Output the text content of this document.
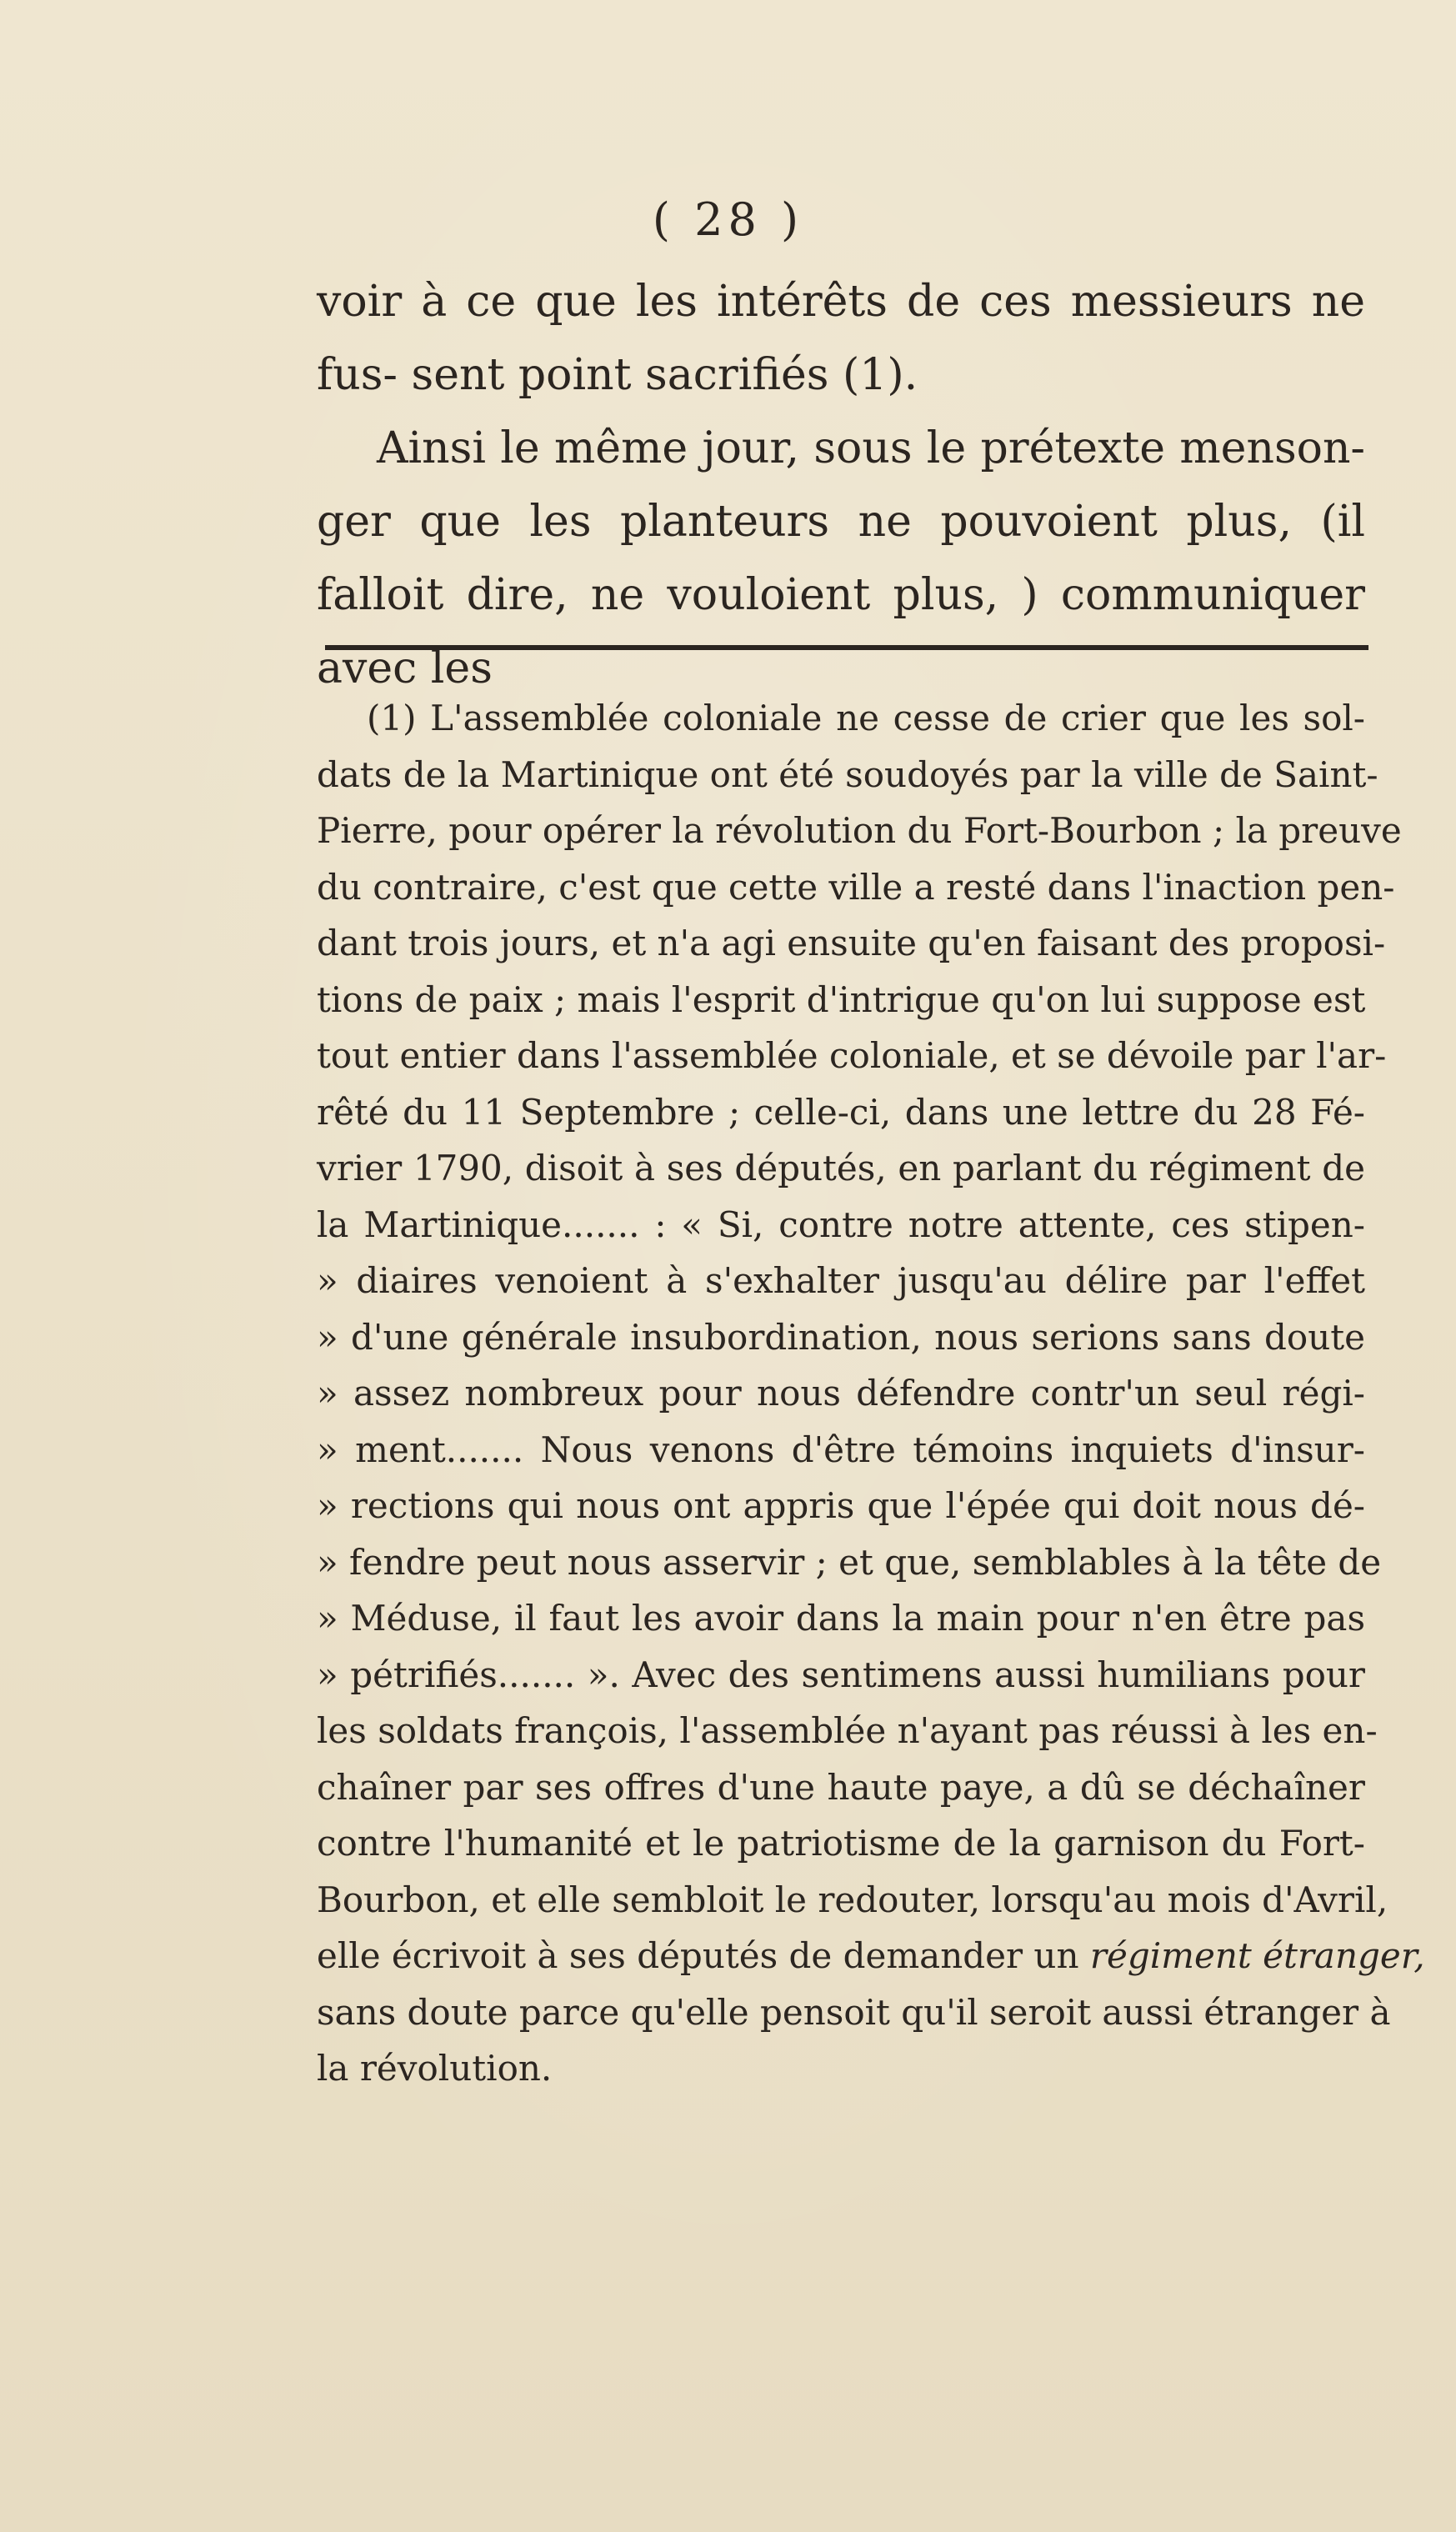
( 28 )

voir à ce que les intérêts de ces messieurs ne fus- sent point sacrifiés (1).

Ainsi le même jour, sous le prétexte menson- ger que les planteurs ne pouvoient plus, (il falloit dire, ne vouloient plus, ) communiquer avec les

(1) L'assemblée coloniale ne cesse de crier que les sol-
dats de la Martinique ont été soudoyés par la ville de Saint-
Pierre, pour opérer la révolution du Fort-Bourbon ; la preuve
du contraire, c'est que cette ville a resté dans l'inaction pen-
dant trois jours, et n'a agi ensuite qu'en faisant des proposi-
tions de paix ; mais l'esprit d'intrigue qu'on lui suppose est
tout entier dans l'assemblée coloniale, et se dévoile par l'ar-
rêté du 11 Septembre ; celle-ci, dans une lettre du 28 Fé-
vrier 1790, disoit à ses députés, en parlant du régiment de
la Martinique....... : « Si, contre notre attente, ces stipen-
» diaires venoient à s'exhalter jusqu'au délire par l'effet
» d'une générale insubordination, nous serions sans doute
» assez nombreux pour nous défendre contr'un seul régi-
» ment....... Nous venons d'être témoins inquiets d'insur-
» rections qui nous ont appris que l'épée qui doit nous dé-
» fendre peut nous asservir ; et que, semblables à la tête de
» Méduse, il faut les avoir dans la main pour n'en être pas
» pétrifiés....... ». Avec des sentimens aussi humilians pour
les soldats françois, l'assemblée n'ayant pas réussi à les en-
chaîner par ses offres d'une haute paye, a dû se déchaîner
contre l'humanité et le patriotisme de la garnison du Fort-
Bourbon, et elle sembloit le redouter, lorsqu'au mois d'Avril,
elle écrivoit à ses députés de demander un régiment étranger,
sans doute parce qu'elle pensoit qu'il seroit aussi étranger à
la révolution.
